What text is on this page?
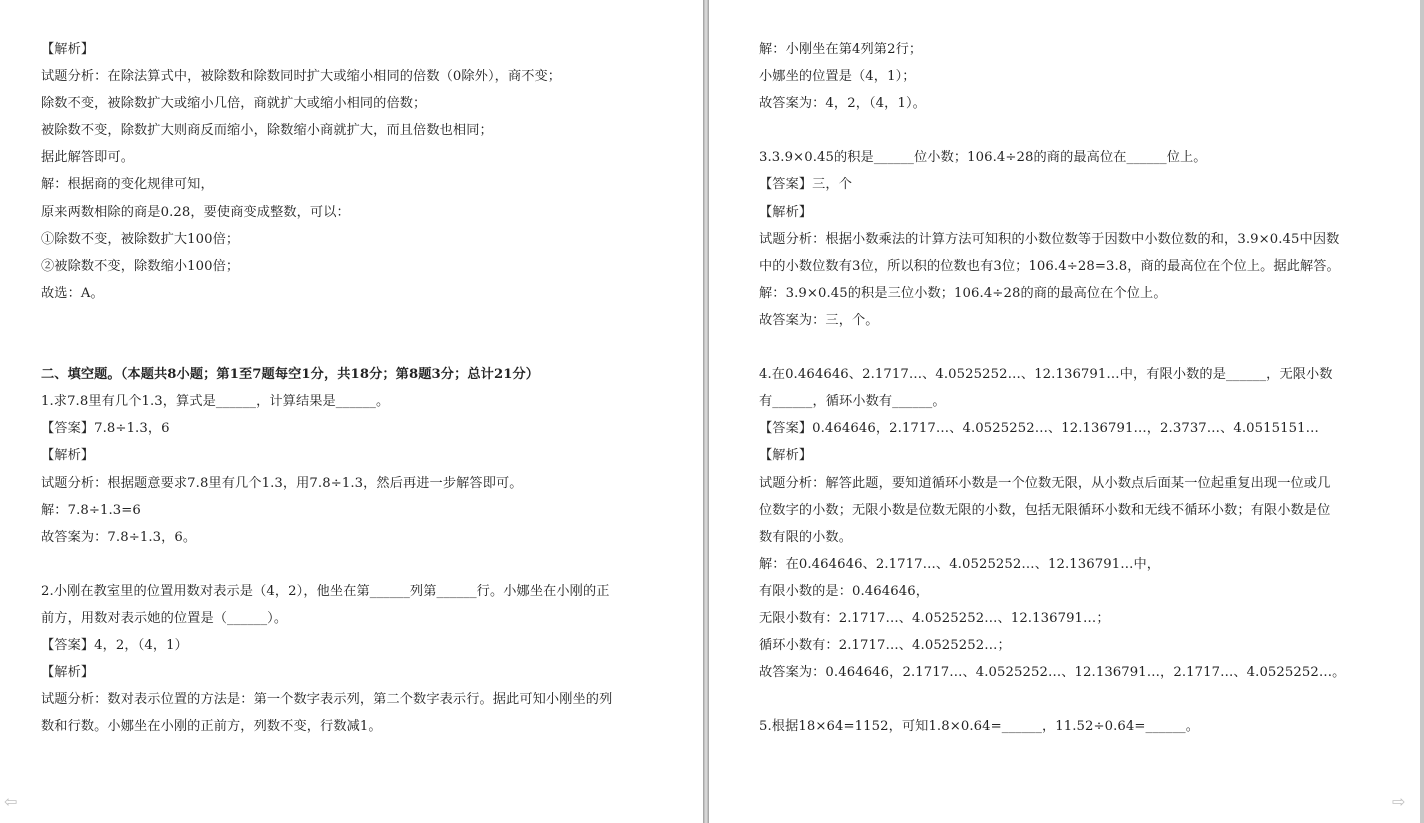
【解析】
试题分析：在除法算式中，被除数和除数同时扩大或缩小相同的倍数（0除外），商不变；
除数不变，被除数扩大或缩小几倍，商就扩大或缩小相同的倍数；
被除数不变，除数扩大则商反而缩小，除数缩小商就扩大，而且倍数也相同；
据此解答即可。
解：根据商的变化规律可知，
原来两数相除的商是0.28，要使商变成整数，可以：
①除数不变，被除数扩大100倍；
②被除数不变，除数缩小100倍；
故选：A。
二、填空题。（本题共8小题；第1至7题每空1分，共18分；第8题3分；总计21分）
1.求7.8里有几个1.3，算式是______，计算结果是______。
【答案】7.8÷1.3，6
【解析】
试题分析：根据题意要求7.8里有几个1.3，用7.8÷1.3，然后再进一步解答即可。
解：7.8÷1.3=6
故答案为：7.8÷1.3，6。
2.小刚在教室里的位置用数对表示是（4，2），他坐在第______列第______行。小娜坐在小刚的正
前方，用数对表示她的位置是（______）。
【答案】4，2，（4，1）
【解析】
试题分析：数对表示位置的方法是：第一个数字表示列，第二个数字表示行。据此可知小刚坐的列
数和行数。小娜坐在小刚的正前方，列数不变，行数减1。
解：小刚坐在第4列第2行；
小娜坐的位置是（4，1）；
故答案为：4，2，（4，1）。
3.3.9×0.45的积是______位小数；106.4÷28的商的最高位在______位上。
【答案】三，个
【解析】
试题分析：根据小数乘法的计算方法可知积的小数位数等于因数中小数位数的和，3.9×0.45中因数
中的小数位数有3位，所以积的位数也有3位；106.4÷28=3.8，商的最高位在个位上。据此解答。
解：3.9×0.45的积是三位小数；106.4÷28的商的最高位在个位上。
故答案为：三，个。
4.在0.464646、2.1717…、4.0525252…、12.136791…中，有限小数的是______，无限小数
有______，循环小数有______。
【答案】0.464646，2.1717…、4.0525252…、12.136791…，2.3737…、4.0515151…
【解析】
试题分析：解答此题，要知道循环小数是一个位数无限，从小数点后面某一位起重复出现一位或几
位数字的小数；无限小数是位数无限的小数，包括无限循环小数和无线不循环小数；有限小数是位
数有限的小数。
解：在0.464646、2.1717…、4.0525252…、12.136791…中，
有限小数的是：0.464646，
无限小数有：2.1717…、4.0525252…、12.136791…；
循环小数有：2.1717…、4.0525252…；
故答案为：0.464646，2.1717…、4.0525252…、12.136791…，2.1717…、4.0525252…。
5.根据18×64=1152，可知1.8×0.64=______，11.52÷0.64=______。
⇦	⇨
